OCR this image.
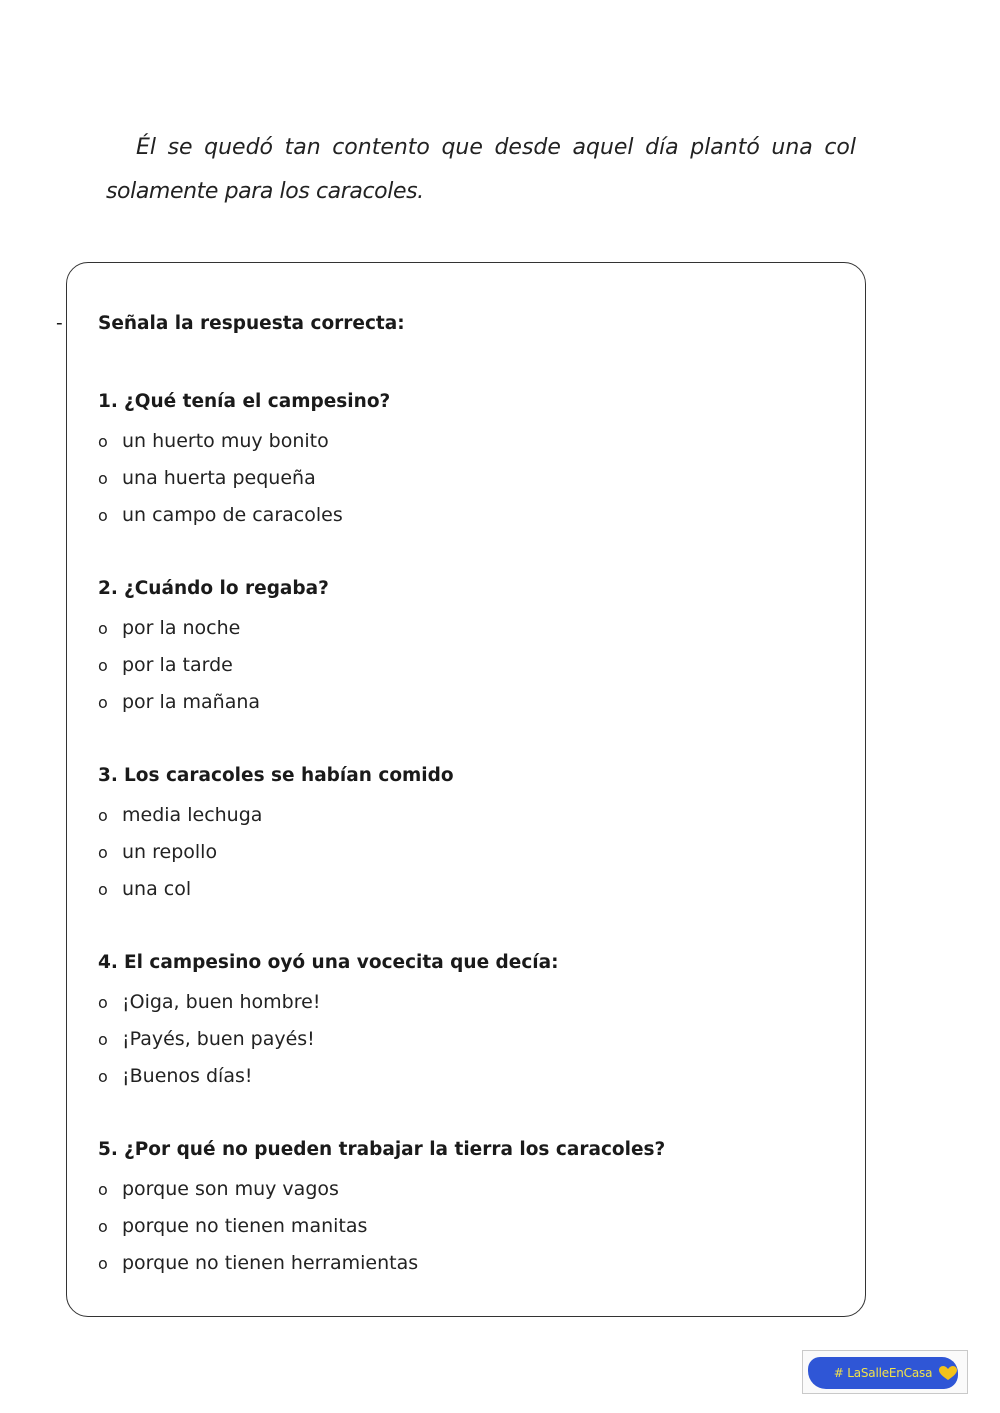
Él se quedó tan contento que desde aquel día plantó una col
solamente para los caracoles.
- Señala la respuesta correcta:
1. ¿Qué tenía el campesino?
o un huerto muy bonito
o una huerta pequeña
o un campo de caracoles
2. ¿Cuándo lo regaba?
o por la noche
o por la tarde
o por la mañana
3. Los caracoles se habían comido
o media lechuga
o un repollo
o una col
4. El campesino oyó una vocecita que decía:
o ¡Oiga, buen hombre!
o ¡Payés, buen payés!
o ¡Buenos días!
5. ¿Por qué no pueden trabajar la tierra los caracoles?
o porque son muy vagos
o porque no tienen manitas
o porque no tienen herramientas
# LaSalleEnCasa
